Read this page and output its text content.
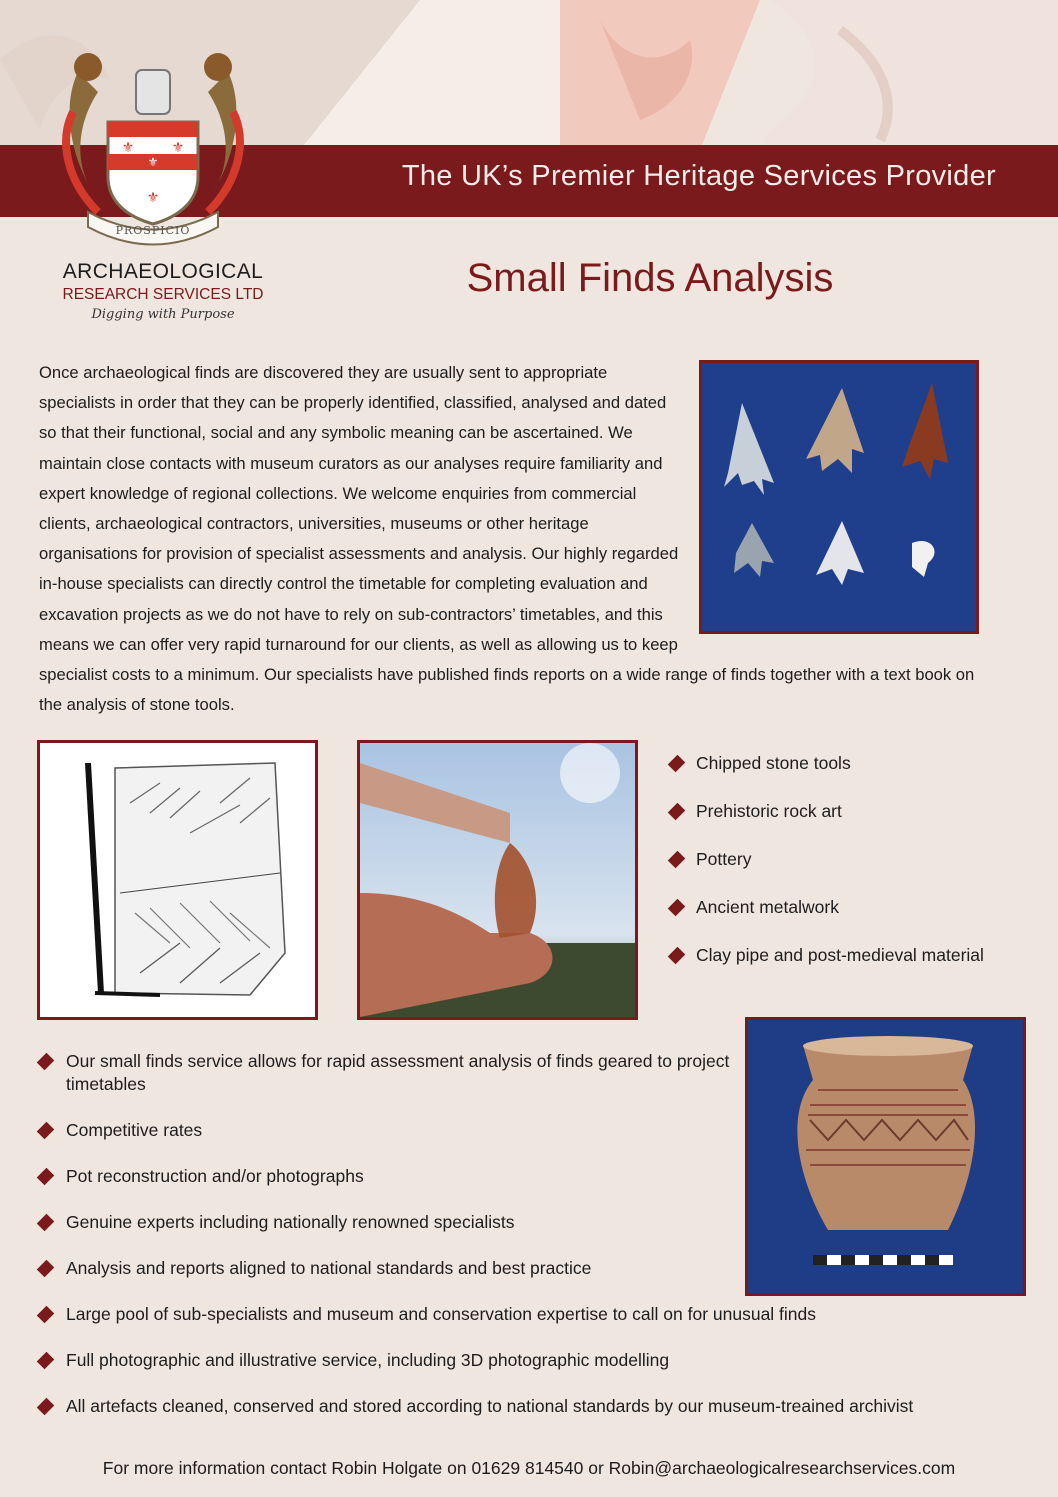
The UK’s Premier Heritage Services Provider
⚜
⚜	⚜
⚜
PROSPICIO
ARCHAEOLOGICAL
RESEARCH SERVICES LTD
Digging with Purpose
Small Finds Analysis

Once archaeological finds are discovered they are usually sent to appropriate specialists in order that they can be properly identified, classified, analysed and dated so that their functional, social and any symbolic meaning can be ascertained. We maintain close contacts with museum curators as our analyses require familiarity and expert knowledge of regional collections. We welcome enquiries from commercial clients, archaeological contractors, universities, museums or other heritage organisations for provision of specialist assessments and analysis. Our highly regarded in-house specialists can directly control the timetable for completing evaluation and excavation projects as we do not have to rely on sub-contractors’ timetables, and this means we can offer very rapid turnaround for our clients, as well as allowing us to keep specialist costs to a minimum. Our specialists have published finds reports on a wide range of finds together with a text book on the analysis of stone tools.

Chipped stone tools
Prehistoric rock art
Pottery
Ancient metalwork
Clay pipe and post-medieval material
Our small finds service allows for rapid assessment analysis of finds geared to project timetables
Competitive rates
Pot reconstruction and/or photographs
Genuine experts including nationally renowned specialists
Analysis and reports aligned to national standards and best practice
Large pool of sub-specialists and museum and conservation expertise to call on for unusual finds
Full photographic and illustrative service, including 3D photographic modelling
All artefacts cleaned, conserved and stored according to national standards by our museum-treained archivist
For more information contact Robin Holgate on 01629 814540 or Robin@archaeologicalresearchservices.com
